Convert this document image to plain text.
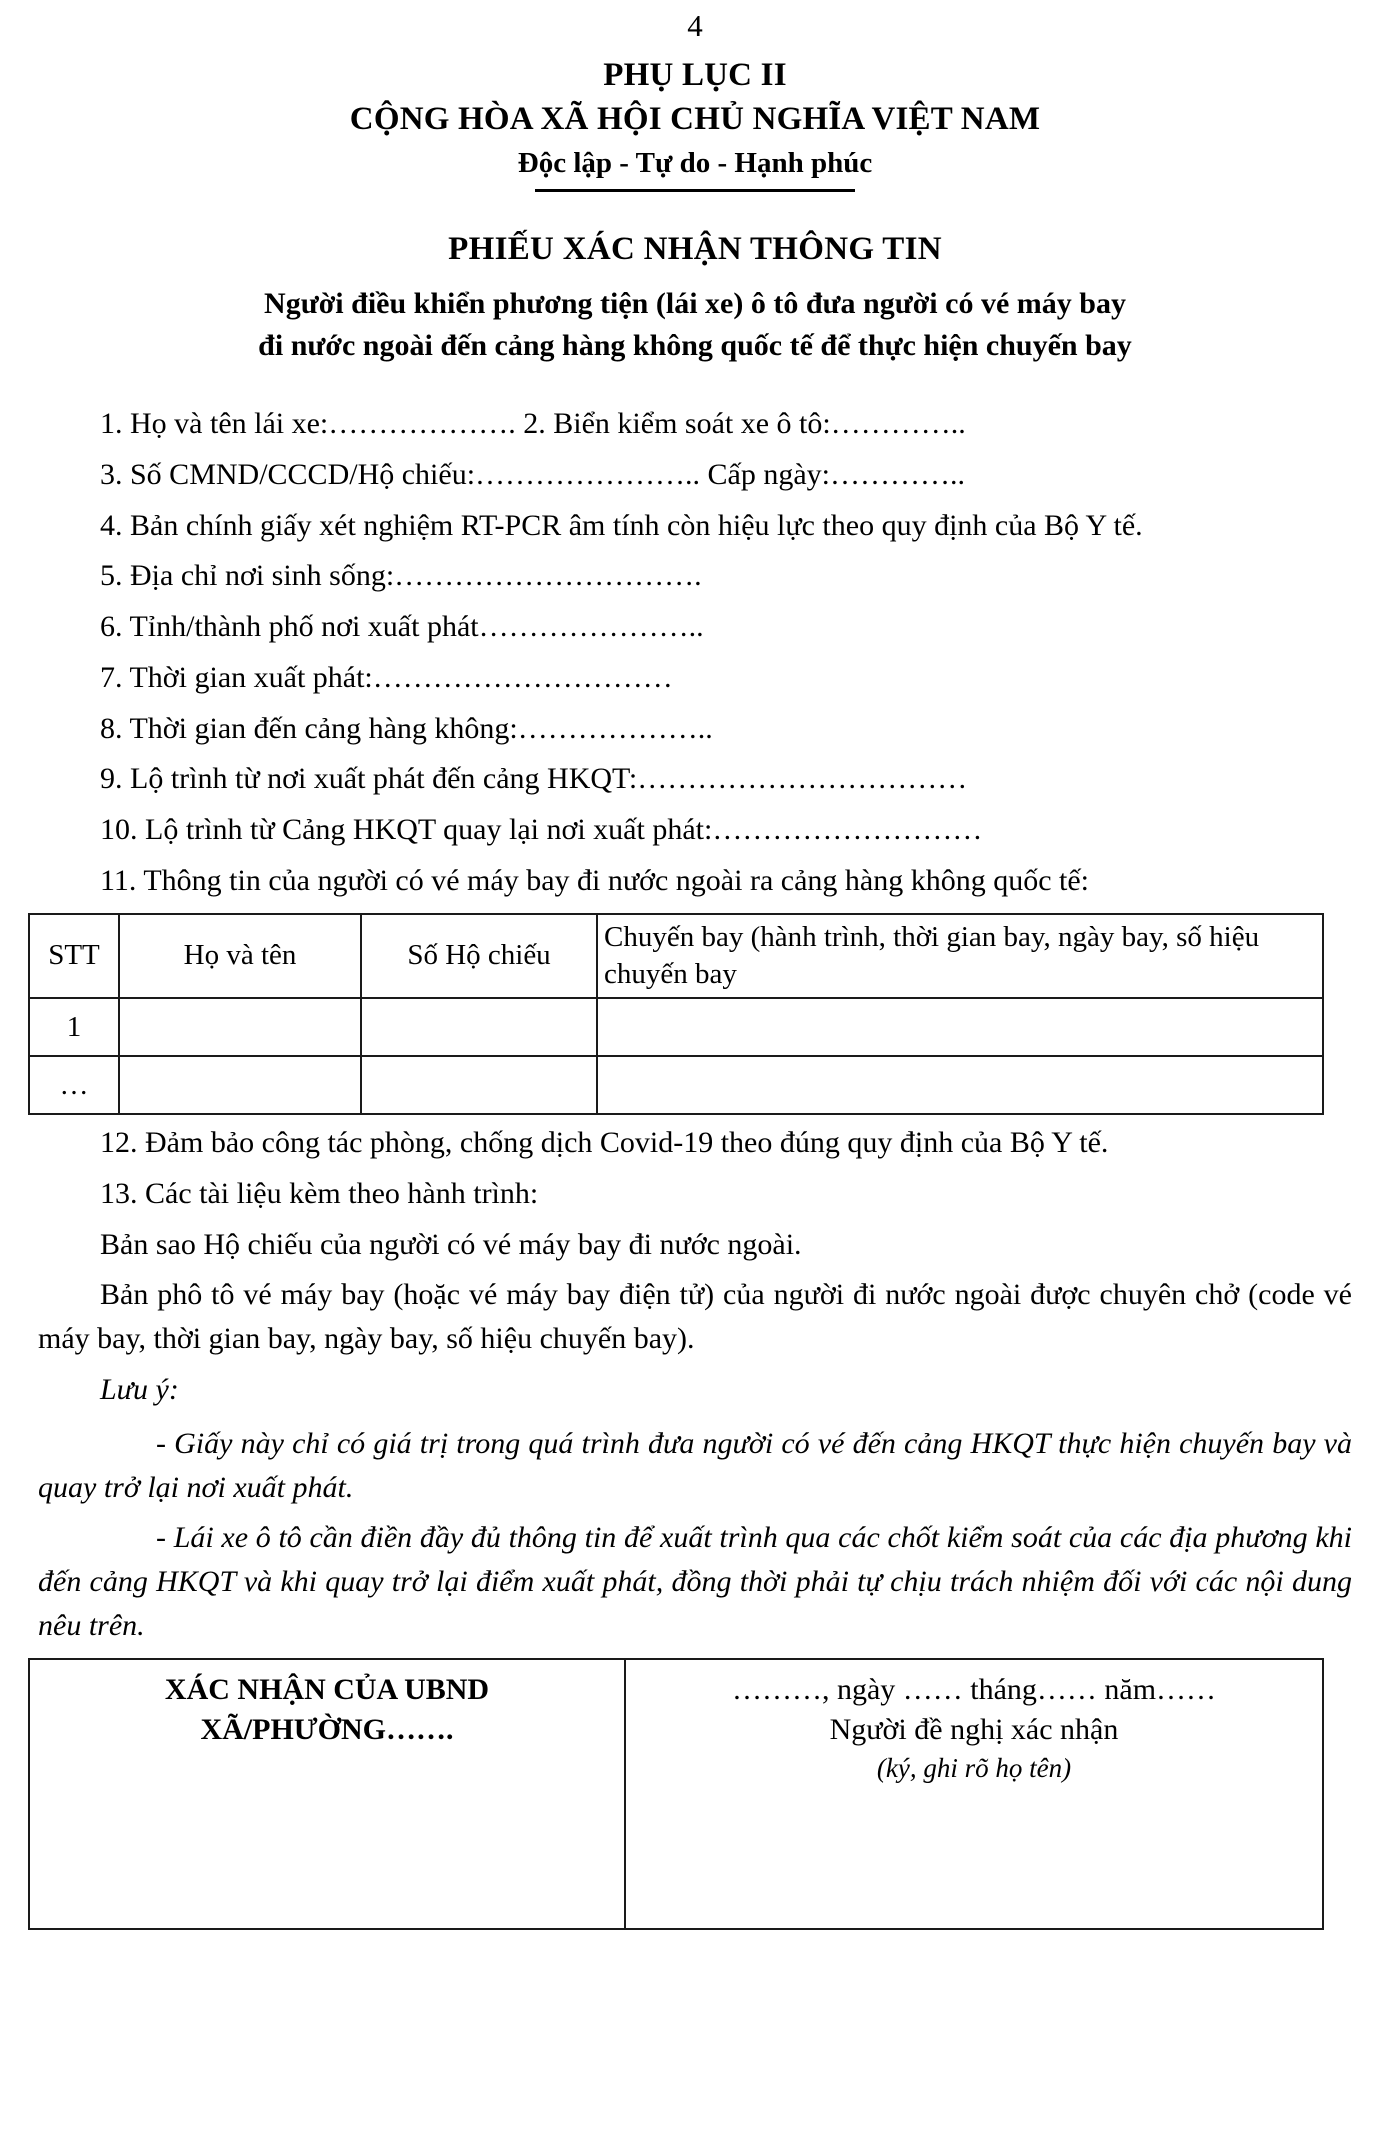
4
PHỤ LỤC II
CỘNG HÒA XÃ HỘI CHỦ NGHĨA VIỆT NAM
Độc lập - Tự do - Hạnh phúc
PHIẾU XÁC NHẬN THÔNG TIN
Người điều khiển phương tiện (lái xe) ô tô đưa người có vé máy bay
đi nước ngoài đến cảng hàng không quốc tế để thực hiện chuyến bay

1. Họ và tên lái xe:………………. 2. Biển kiểm soát xe ô tô:…………..

3. Số CMND/CCCD/Hộ chiếu:………………….. Cấp ngày:…………..

4. Bản chính giấy xét nghiệm RT-PCR âm tính còn hiệu lực theo quy định của Bộ Y tế.

5. Địa chỉ nơi sinh sống:………………………….

6. Tỉnh/thành phố nơi xuất phát…………………..

7. Thời gian xuất phát:…………………………

8. Thời gian đến cảng hàng không:………………..

9. Lộ trình từ nơi xuất phát đến cảng HKQT:……………………………

10. Lộ trình từ Cảng HKQT quay lại nơi xuất phát:………………………

11. Thông tin của người có vé máy bay đi nước ngoài ra cảng hàng không quốc tế:

STT	Họ và tên	Số Hộ chiếu	Chuyến bay (hành trình, thời gian bay, ngày bay, số hiệu chuyến bay
1			
…			

12. Đảm bảo công tác phòng, chống dịch Covid-19 theo đúng quy định của Bộ Y tế.

13. Các tài liệu kèm theo hành trình:

Bản sao Hộ chiếu của người có vé máy bay đi nước ngoài.

Bản phô tô vé máy bay (hoặc vé máy bay điện tử) của người đi nước ngoài được chuyên chở (code vé máy bay, thời gian bay, ngày bay, số hiệu chuyến bay).

Lưu ý:

- Giấy này chỉ có giá trị trong quá trình đưa người có vé đến cảng HKQT thực hiện chuyến bay và quay trở lại nơi xuất phát.

- Lái xe ô tô cần điền đầy đủ thông tin để xuất trình qua các chốt kiểm soát của các địa phương khi đến cảng HKQT và khi quay trở lại điểm xuất phát, đồng thời phải tự chịu trách nhiệm đối với các nội dung nêu trên.

XÁC NHẬN CỦA UBND
XÃ/PHƯỜNG…….

………, ngày …… tháng…… năm……
Người đề nghị xác nhận
(ký, ghi rõ họ tên)
